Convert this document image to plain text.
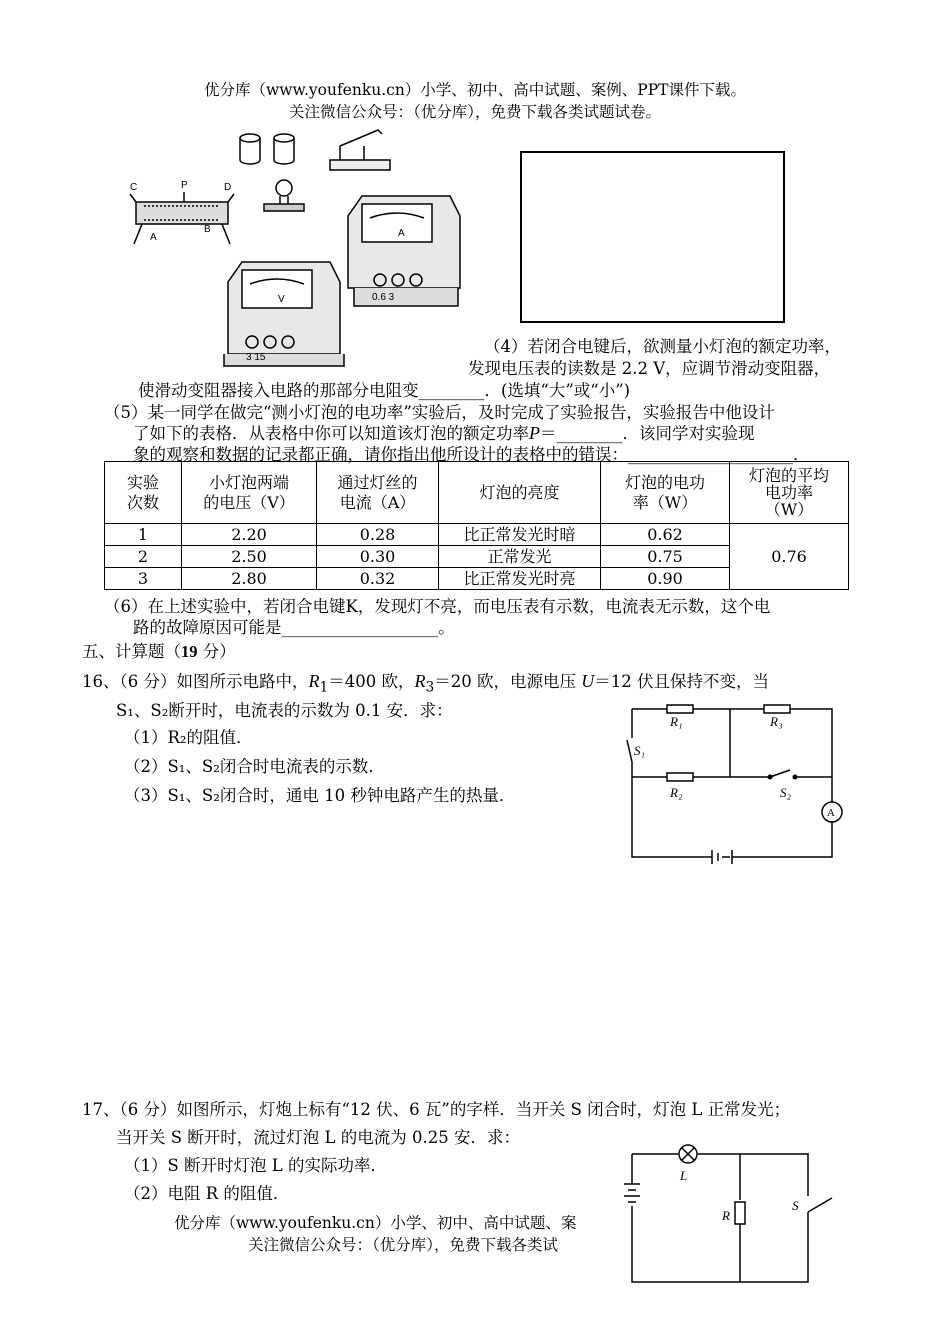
优分库（www.youfenku.cn）小学、初中、高中试题、案例、PPT课件下载。
关注微信公众号：（优分库），免费下载各类试题试卷。
C	P	D
A
B	A
V	0.6 3
3 15
（4）若闭合电键后，欲测量小灯泡的额定功率，
发现电压表的读数是 2.2 V，应调节滑动变阻器，
使滑动变阻器接入电路的那部分电阻变________．(选填“大”或“小”)
（5）某一同学在做完“测小灯泡的电功率”实验后，及时完成了实验报告，实验报告中他设计
了如下的表格．从表格中你可以知道该灯泡的额定功率P＝________．该同学对实验现
象的观察和数据的记录都正确，请你指出他所设计的表格中的错误：____________________．
实验
次数	小灯泡两端
的电压（V）	通过灯丝的
电流（A）	灯泡的亮度	灯泡的电功
率（W）	灯泡的平均
电功率
（W）
1	2.20	0.28	比正常发光时暗	0.62	0.76
2	2.50	0.30	正常发光	0.75	
3	2.80	0.32	比正常发光时亮	0.90	
（6）在上述实验中，若闭合电键K，发现灯不亮，而电压表有示数，电流表无示数，这个电
路的故障原因可能是___________________。
五、计算题（19 分）
16、（6 分）如图所示电路中，$R_1=400$ 欧，$R_3=20$ 欧，电源电压 U＝12 伏且保持不变，当
S₁、S₂断开时，电流表的示数为 0.1 安．求：
（1）R₂的阻值．
（2）S₁、S₂闭合时电流表的示数．
（3）S₁、S₂闭合时，通电 10 秒钟电路产生的热量．
R₁	R₃
S₁
R₂	S₂
A
17、（6 分）如图所示，灯炮上标有“12 伏、6 瓦”的字样．当开关 S 闭合时，灯泡 L 正常发光；
当开关 S 断开时，流过灯泡 L 的电流为 0.25 安．求：
（1）S 断开时灯泡 L 的实际功率．
（2）电阻 R 的阻值．
L
R
S
优分库（www.youfenku.cn）小学、初中、高中试题、案
关注微信公众号：（优分库），免费下载各类试
